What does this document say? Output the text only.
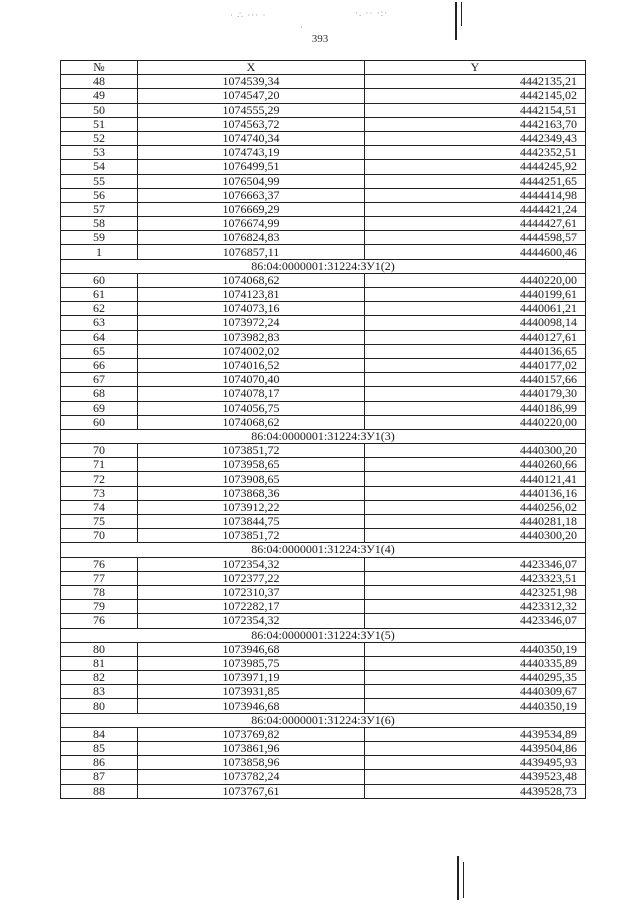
· ∴ ··· ·	·. ·· ·:·
·
393
№	X	Y
48	1074539,34	4442135,21
49	1074547,20	4442145,02
50	1074555,29	4442154,51
51	1074563,72	4442163,70
52	1074740,34	4442349,43
53	1074743,19	4442352,51
54	1076499,51	4444245,92
55	1076504,99	4444251,65
56	1076663,37	4444414,98
57	1076669,29	4444421,24
58	1076674,99	4444427,61
59	1076824,83	4444598,57
1	1076857,11	4444600,46
86:04:0000001:31224:ЗУ1(2)		
60	1074068,62	4440220,00
61	1074123,81	4440199,61
62	1074073,16	4440061,21
63	1073972,24	4440098,14
64	1073982,83	4440127,61
65	1074002,02	4440136,65
66	1074016,52	4440177,02
67	1074070,40	4440157,66
68	1074078,17	4440179,30
69	1074056,75	4440186,99
60	1074068,62	4440220,00
86:04:0000001:31224:ЗУ1(3)		
70	1073851,72	4440300,20
71	1073958,65	4440260,66
72	1073908,65	4440121,41
73	1073868,36	4440136,16
74	1073912,22	4440256,02
75	1073844,75	4440281,18
70	1073851,72	4440300,20
86:04:0000001:31224:ЗУ1(4)		
76	1072354,32	4423346,07
77	1072377,22	4423323,51
78	1072310,37	4423251,98
79	1072282,17	4423312,32
76	1072354,32	4423346,07
86:04:0000001:31224:ЗУ1(5)		
80	1073946,68	4440350,19
81	1073985,75	4440335,89
82	1073971,19	4440295,35
83	1073931,85	4440309,67
80	1073946,68	4440350,19
86:04:0000001:31224:ЗУ1(6)		
84	1073769,82	4439534,89
85	1073861,96	4439504,86
86	1073858,96	4439495,93
87	1073782,24	4439523,48
88	1073767,61	4439528,73
